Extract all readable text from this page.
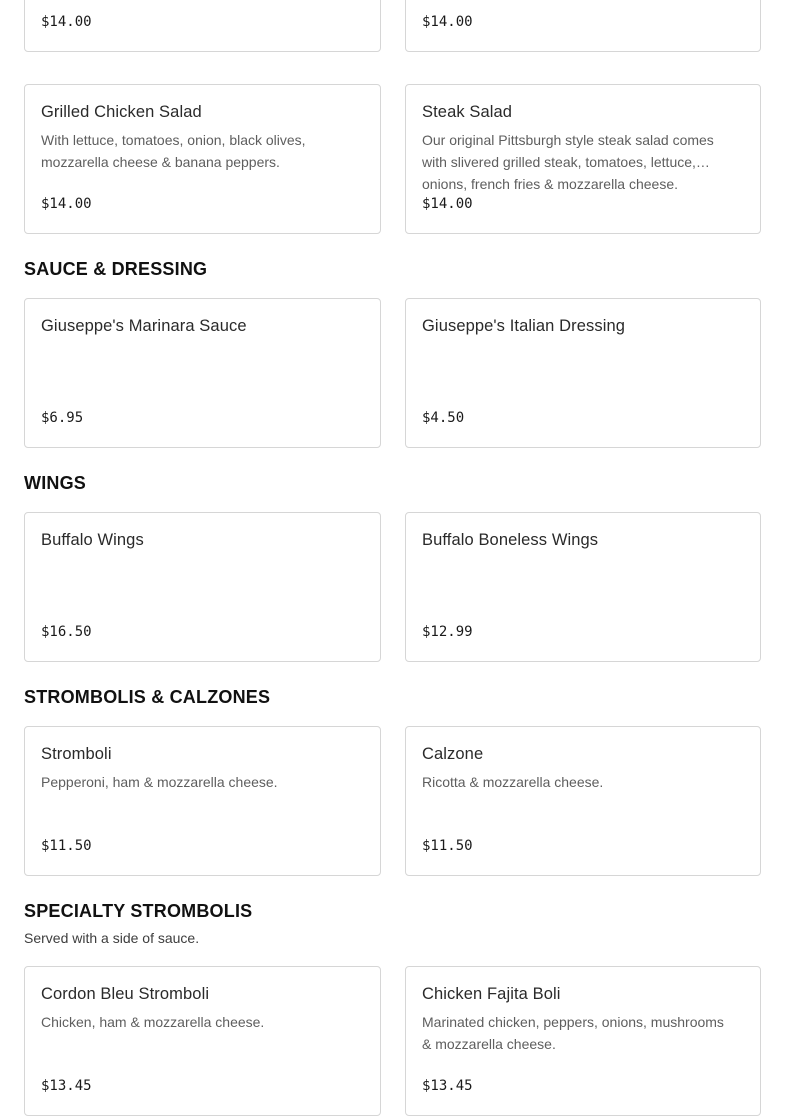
$14.00	$14.00
Grilled Chicken Salad
With lettuce, tomatoes, onion, black olives, mozzarella cheese & banana peppers.
$14.00
Steak Salad
Our original Pittsburgh style steak salad comes with slivered grilled steak, tomatoes, lettuce, onions, french fries & mozzarella cheese.
$14.00
SAUCE & DRESSING
Giuseppe's Marinara Sauce
$6.95
Giuseppe's Italian Dressing
$4.50
WINGS
Buffalo Wings
$16.50
Buffalo Boneless Wings
$12.99
STROMBOLIS & CALZONES
Stromboli
Pepperoni, ham & mozzarella cheese.
$11.50
Calzone
Ricotta & mozzarella cheese.
$11.50
SPECIALTY STROMBOLIS
Served with a side of sauce.
Cordon Bleu Stromboli
Chicken, ham & mozzarella cheese.
$13.45
Chicken Fajita Boli
Marinated chicken, peppers, onions, mushrooms & mozzarella cheese.
$13.45
